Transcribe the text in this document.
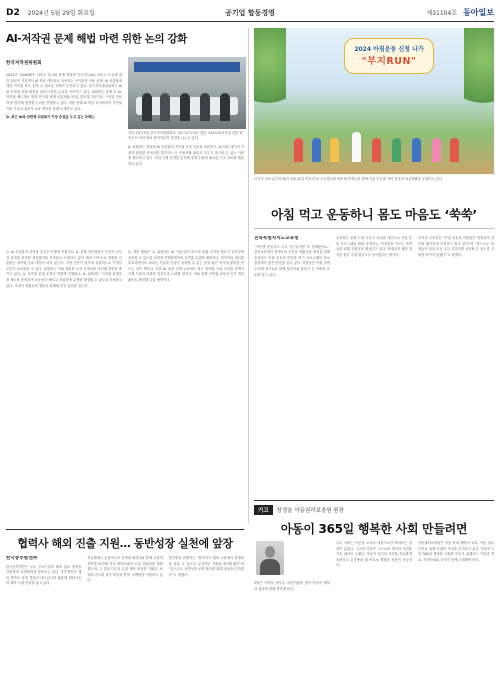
D2 2024년 5월 29일 화요일	공기업 합동경영	제31104호 동아일보
AI-저작권 문제 해법 마련 위한 논의 강화
한국저작권위원회
지난 2월 15일 한국저작권위원회 서울사무소에서 열린 ‘2024 AI저작권 전담 TF 킥오프 회의’에서 참석자들이 의견을 나누고 있다.
2022년 ‘ChatGPT’ 서비스 출시와 함께 생성형 인공지능(AI) 서비스 도입에 대한 관심이 커지면서 AI 학습 데이터로 사용되는 저작물의 이용 문제, AI 산출물에 대한 저작권 보호 문제 등 새로운 과제가 부각되고 있다. 한국저작권위원회는 AI와 저작권 문제 해결을 위한 다양한 논의를 이어가고 있다. 위원회는 올해 초 AI-저작권 제도개선 방향 연구와 함께 산업계와 학계, 법조계 전문가로 구성된 전담 TF를 발족해 쟁점별 논의를 진행하고 있다. 이를 통해 AI 학습 과정에서의 저작물 이용 기준과 권리자 보호 방안을 함께 모색하고 있다.
Q. 최근 AI와 관련해 위원회가 가장 중점을 두고 있는 과제는.
A. 위원회는 생성형 AI 산출물의 저작권 등록 기준을 마련하고, AI 학습 데이터 이용과 관련한 안내서를 발간하는 등 이용자와 권리자 모두가 참고할 수 있는 기준을 제시하고 있다. 또한 국제 동향을 분석해 정책 수립에 필요한 기초 자료를 제공하고 있다.
Q. AI 산출물의 저작권 등록은 어떻게 이뤄지나. A. 현행 저작권법은 인간의 사상과 감정을 표현한 창작물만을 저작물로 인정하고 있어, AI가 단독으로 생성한 산출물은 저작권 등록 대상이 되지 않는다. 다만 인간이 창작에 실질적으로 기여한 부분은 보호받을 수 있다. 위원회는 이와 관련한 등록 안내서를 마련해 혼란을 줄이고 있다. Q. 저작권 분쟁 조정은 어떻게 진행되나. A. 위원회는 저작권 분쟁조정 제도를 운영하며 소송보다 빠르고 저렴하게 분쟁을 해결할 수 있도록 지원하고 있다. 조정이 성립되면 재판상 화해와 같은 효력을 갖는다.
Q. 향후 계획은. A. 위원회는 AI 기술 발전 속도에 맞춰 저작권 제도가 유연하게 대응할 수 있도록 다양한 이해관계자의 의견을 수렴할 계획이다. 창작자의 권리를 보호하면서도 새로운 기술과 산업이 성장할 수 있는 균형 잡힌 저작권 환경을 만드는 것이 목표다. 또한 AI 관련 국제 논의에도 적극 참여해 국내 저작권 정책이 국제 기준과 조화를 이루도록 노력할 것이다. 이와 함께 저작권 교육과 인식 개선 활동도 확대해 나갈 예정이다.
2024 아침운동 신청 나가
"부지RUN"
서거석 교육감(가운데)이 4월 22일 익산의 한 초등학교를 방문해 학생들과 함께 아침 운동을 하며 건강한 학교생활을 응원하고 있다.
아침 먹고 운동하니 몸도 마음도 ‘쑥쑥’
전북특별자치도교육청
“작년엔 운동하고 나니 친구들이랑 더 친해졌어요.” 전북교육청이 학생들의 건강한 생활습관 형성을 위해 추진하는 아침 운동과 아침밥 먹기 프로그램이 학교 현장에서 좋은 반응을 얻고 있다. 학생들은 아침 일찍 등교해 친구들과 함께 달리기와 줄넘기 등 다양한 운동을 하고 있다.
교육청은 올해 도내 초중고 학교를 대상으로 아침 운동 프로그램을 확대 운영하고, 아침밥을 거르는 학생들을 위해 간편식을 제공하고 있다. 학생들의 체력 향상은 물론 수업 집중도도 높아졌다는 평가다.
서거석 교육감은 “아침 운동과 아침밥은 학생들이 하루를 활기차게 시작하는 힘이 된다”며 “앞으로도 학생들이 몸과 마음 모두 건강하게 성장할 수 있도록 지원을 아끼지 않겠다”고 말했다.
협력사 해외 진출 지원… 동반성장 실천에 앞장
한국중부발전㈜
한국중부발전은 우수 중소기업의 해외 판로 개척을 지원하며 상생협력에 앞장서고 있다. 중부발전은 해외 발전소 운영 경험과 네트워크를 활용해 협력사들의 해외 시장 진출을 돕고 있다.
지난해에는 동남아시아 지역에 협력사와 함께 시장개척단을 파견해 현지 바이어와의 수출 상담회를 개최했으며, 그 결과 다수의 수출 계약 성과를 거뒀다. 또 해외 전시회 참가 비용과 통역, 마케팅을 지원하고 있다.
중부발전 관계자는 “협력사가 해외 시장에서 경쟁력을 갖출 수 있도록 실질적인 지원을 확대하겠다”며 “앞으로도 동반성장 문화 확산을 위해 최선을 다하겠다”고 밝혔다.
기고	장정울 아동권리보장원 원장
아동이 365일 행복한 사회 만들려면
5월은 가정의 달이다. 어린이날을 맞아 아동의 행복과 권리에 대해 생각해 본다.
우리 사회는 아동을 보호의 대상으로만 바라보는 경향이 있었다. 그러나 아동은 스스로의 생각과 의견을 가진 권리의 주체다. 아동이 자신의 의견을 자유롭게 표현하고 존중받을 때 비로소 행복한 성장이 가능하다.
아동권리보장원은 아동 학대 예방과 보호, 아동 권리 증진을 위해 다양한 사업을 추진하고 있다. 아동이 1년 365일 행복한 사회를 만들기 위해서는 가정과 학교, 지역사회와 국가가 함께 노력해야 한다.
